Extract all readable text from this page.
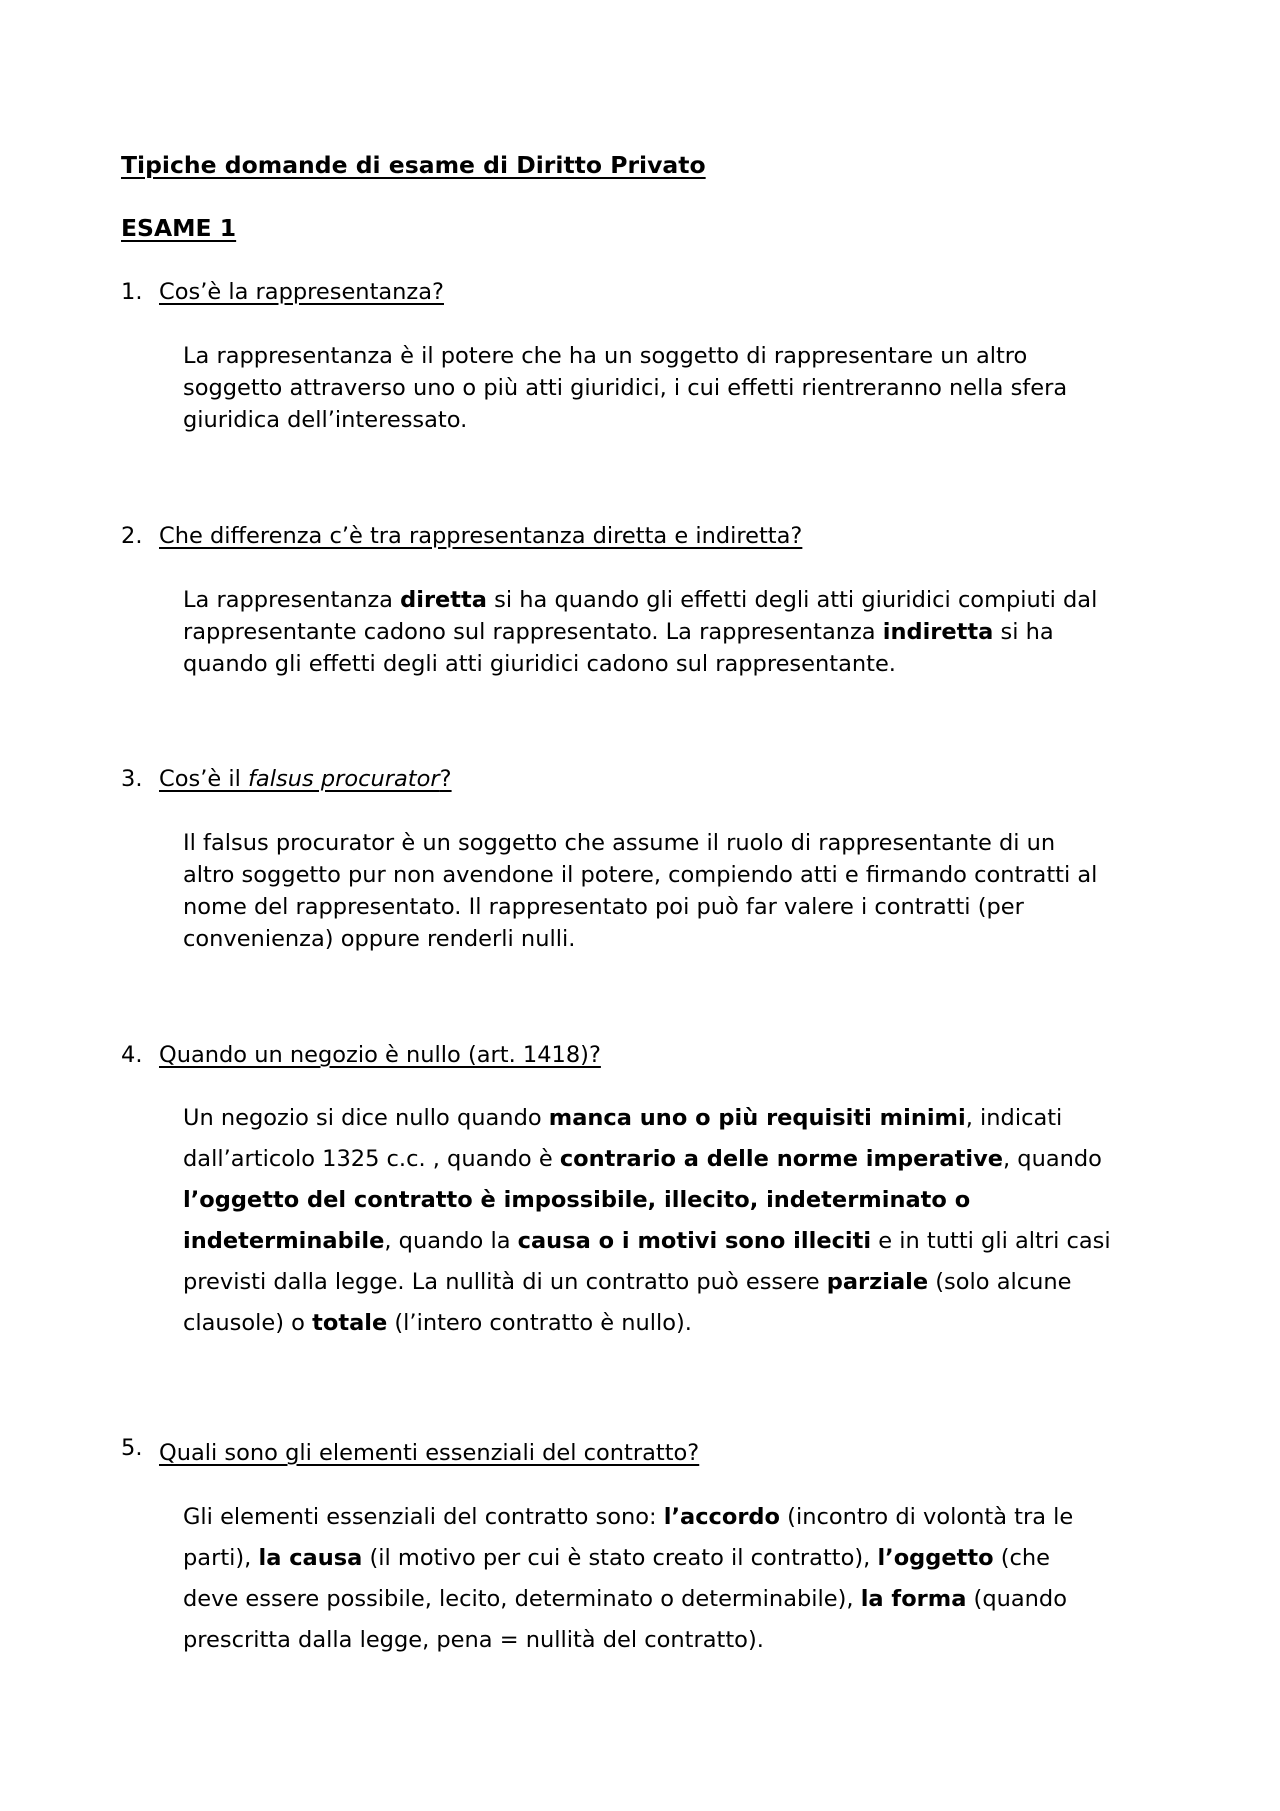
Tipiche domande di esame di Diritto Privato
ESAME 1
1. Cos’è la rappresentanza?
La rappresentanza è il potere che ha un soggetto di rappresentare un altro
soggetto attraverso uno o più atti giuridici, i cui effetti rientreranno nella sfera
giuridica dell’interessato.
2. Che differenza c’è tra rappresentanza diretta e indiretta?
La rappresentanza diretta si ha quando gli effetti degli atti giuridici compiuti dal
rappresentante cadono sul rappresentato. La rappresentanza indiretta si ha
quando gli effetti degli atti giuridici cadono sul rappresentante.
3. Cos’è il falsus procurator?
Il falsus procurator è un soggetto che assume il ruolo di rappresentante di un
altro soggetto pur non avendone il potere, compiendo atti e firmando contratti al
nome del rappresentato. Il rappresentato poi può far valere i contratti (per
convenienza) oppure renderli nulli.
4. Quando un negozio è nullo (art. 1418)?
Un negozio si dice nullo quando manca uno o più requisiti minimi, indicati
dall’articolo 1325 c.c. , quando è contrario a delle norme imperative, quando
l’oggetto del contratto è impossibile, illecito, indeterminato o
indeterminabile, quando la causa o i motivi sono illeciti e in tutti gli altri casi
previsti dalla legge. La nullità di un contratto può essere parziale (solo alcune
clausole) o totale (l’intero contratto è nullo).
5. Quali sono gli elementi essenziali del contratto?
Gli elementi essenziali del contratto sono: l’accordo (incontro di volontà tra le
parti), la causa (il motivo per cui è stato creato il contratto), l’oggetto (che
deve essere possibile, lecito, determinato o determinabile), la forma (quando
prescritta dalla legge, pena = nullità del contratto).
